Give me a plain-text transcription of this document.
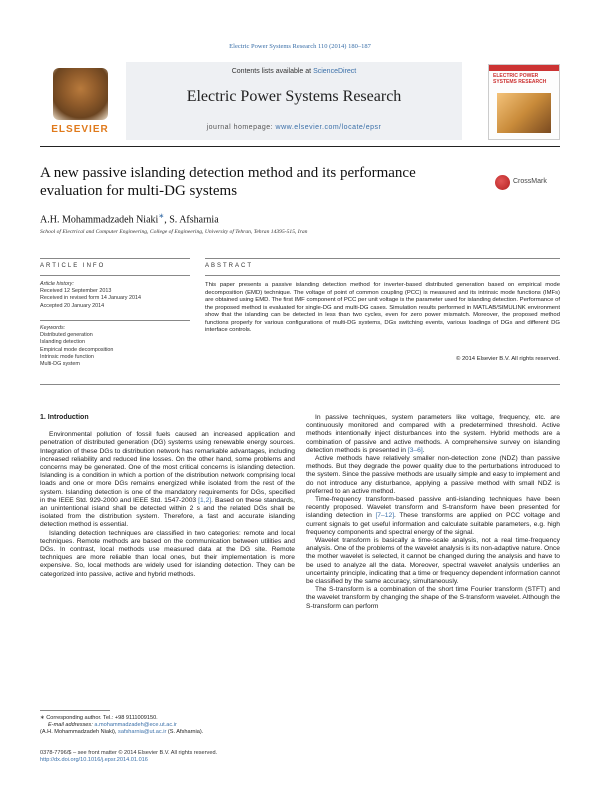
Electric Power Systems Research 110 (2014) 180–187
ELSEVIER
Contents lists available at ScienceDirect
Electric Power Systems Research
journal homepage: www.elsevier.com/locate/epsr
ELECTRIC POWER SYSTEMS RESEARCH
A new passive islanding detection method and its performance evaluation for multi-DG systems
CrossMark
A.H. Mohammadzadeh Niaki∗, S. Afsharnia
School of Electrical and Computer Engineering, College of Engineering, University of Tehran, Tehran 14395-515, Iran
ARTICLE INFO	ABSTRACT
Article history:
Received 12 September 2013
Received in revised form 14 January 2014
Accepted 20 January 2014
Keywords:
Distributed generation
Islanding detection
Empirical mode decomposition
Intrinsic mode function
Multi-DG system
This paper presents a passive islanding detection method for inverter-based distributed generation based on empirical mode decomposition (EMD) technique. The voltage of point of common coupling (PCC) is measured and its intrinsic mode functions (IMFs) are obtained using EMD. The first IMF component of PCC per unit voltage is the parameter used for islanding detection. Performance of the proposed method is evaluated for single-DG and multi-DG cases. Simulation results performed in MATLAB/SIMULINK environment show that the islanding can be detected in less than two cycles, even for zero power mismatch. Moreover, the proposed method functions properly for various configurations of multi-DG systems, DGs switching events, various loadings of DGs and different DG interface controls.
© 2014 Elsevier B.V. All rights reserved.

1. Introduction

Environmental pollution of fossil fuels caused an increased application and penetration of distributed generation (DG) systems using renewable energy sources. Integration of these DGs to distribution network has remarkable advantages, including increased reliability and reduced line losses. On the other hand, some problems and concerns may be generated. One of the most critical concerns is islanding detection. Islanding is a condition in which a portion of the distribution network comprising local loads and one or more DGs remains energized while isolated from the rest of the system. Islanding detection is one of the mandatory requirements for DGs, specified in the IEEE Std. 929-2000 and IEEE Std. 1547-2003 [1,2]. Based on these standards, an unintentional island shall be detected within 2 s and the related DGs shall be isolated from the distribution system. Therefore, a fast and accurate islanding detection method is essential.

Islanding detection techniques are classified in two categories: remote and local techniques. Remote methods are based on the communication between utilities and DGs. In contrast, local methods use measured data at the DG site. Remote techniques are more reliable than local ones, but their implementation is more expensive. So, local methods are widely used for islanding detection. They can be categorized into passive, active and hybrid methods.

In passive techniques, system parameters like voltage, frequency, etc. are continuously monitored and compared with a predetermined threshold. Active methods intentionally inject disturbances into the system. Hybrid methods are a combination of passive and active methods. A comprehensive survey on islanding detection methods is presented in [3–6].

Active methods have relatively smaller non-detection zone (NDZ) than passive methods. But they degrade the power quality due to the perturbations introduced to the system. Since the passive methods are usually simple and easy to implement and do not introduce any disturbance, applying a passive method with small NDZ is preferred to an active method.

Time-frequency transform-based passive anti-islanding techniques have been recently proposed. Wavelet transform and S-transform have been presented for islanding detection in [7–12]. These transforms are applied on PCC voltage and current signals to get useful information and calculate suitable parameters, e.g. high frequency components and spectral energy of the signal.

Wavelet transform is basically a time-scale analysis, not a real time-frequency analysis. One of the problems of the wavelet analysis is its non-adaptive nature. Once the mother wavelet is selected, it cannot be changed during the analysis and have to be used to analyze all the data. Moreover, spectral wavelet analysis underlies an uncertainty principle, indicating that a time or frequency dependent information cannot be classified by the same accuracy, simultaneously.

The S-transform is a combination of the short time Fourier transform (STFT) and the wavelet transform by changing the shape of the S-transform wavelet. Although the S-transform can perform

∗ Corresponding author. Tel.: +98 9111009150.
E-mail addresses: a.mohammadzadeh@ece.ut.ac.ir
(A.H. Mohammadzadeh Niaki), safsharnia@ut.ac.ir (S. Afsharnia).
0378-7796/$ – see front matter © 2014 Elsevier B.V. All rights reserved.
http://dx.doi.org/10.1016/j.epsr.2014.01.016
